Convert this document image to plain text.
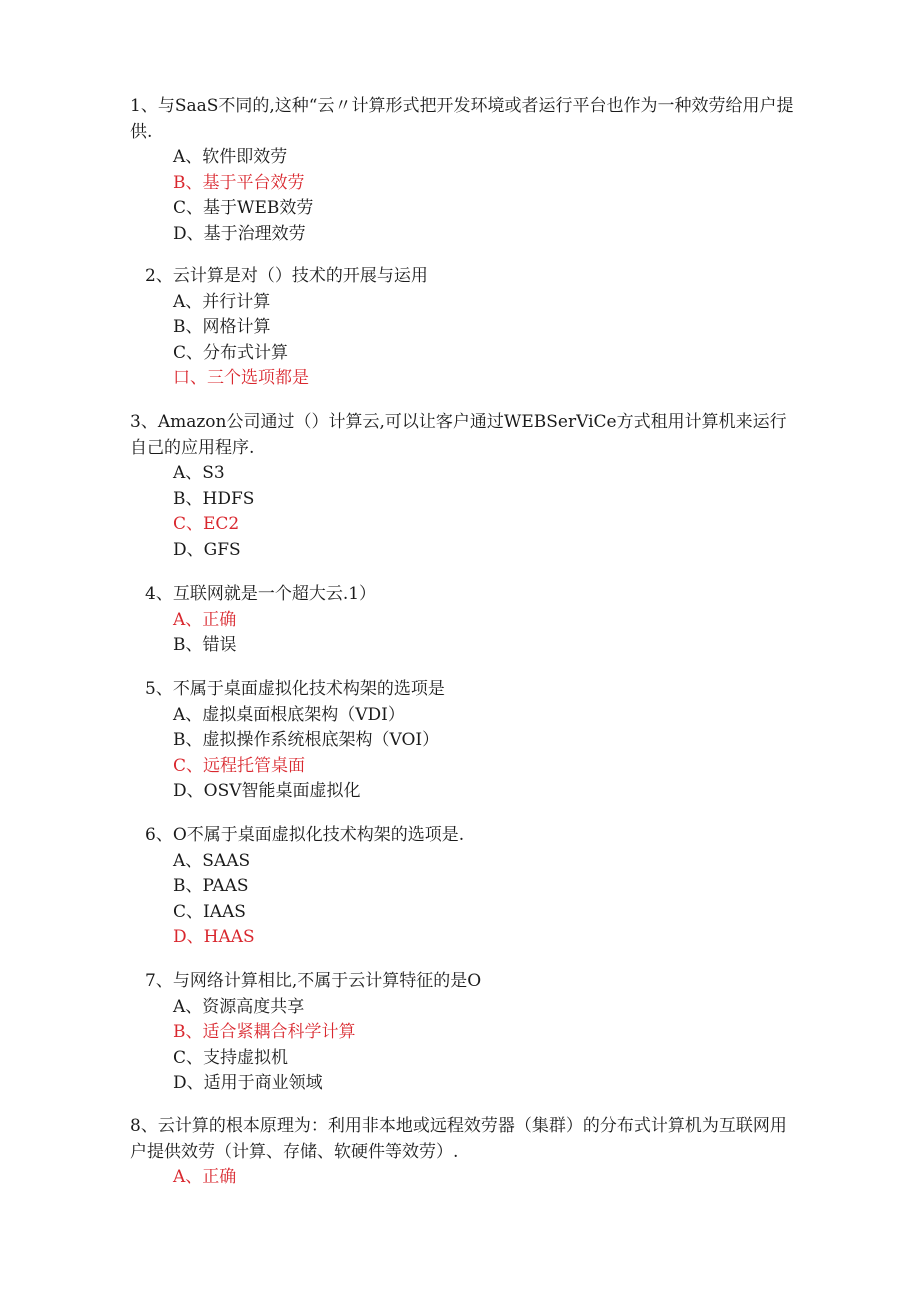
1、与SaaS不同的,这种“云〃计算形式把开发环境或者运行平台也作为一种效劳给用户提供.

A、软件即效劳

B、基于平台效劳

C、基于WEB效劳

D、基于治理效劳

2、云计算是对（）技术的开展与运用

A、并行计算

B、网格计算

C、分布式计算

口、三个选项都是

3、Amazon公司通过（）计算云,可以让客户通过WEBSerViCe方式租用计算机来运行自己的应用程序.

A、S3

B、HDFS

C、EC2

D、GFS

4、互联网就是一个超大云.1）

A、正确

B、错误

5、不属于桌面虚拟化技术构架的选项是

A、虚拟桌面根底架构（VDI）

B、虚拟操作系统根底架构（VOI）

C、远程托管桌面

D、OSV智能桌面虚拟化

6、O不属于桌面虚拟化技术构架的选项是.

A、SAAS

B、PAAS

C、IAAS

D、HAAS

7、与网络计算相比,不属于云计算特征的是O

A、资源高度共享

B、适合紧耦合科学计算

C、支持虚拟机

D、适用于商业领域

8、云计算的根本原理为：利用非本地或远程效劳器（集群）的分布式计算机为互联网用户提供效劳（计算、存储、软硬件等效劳）.

A、正确
